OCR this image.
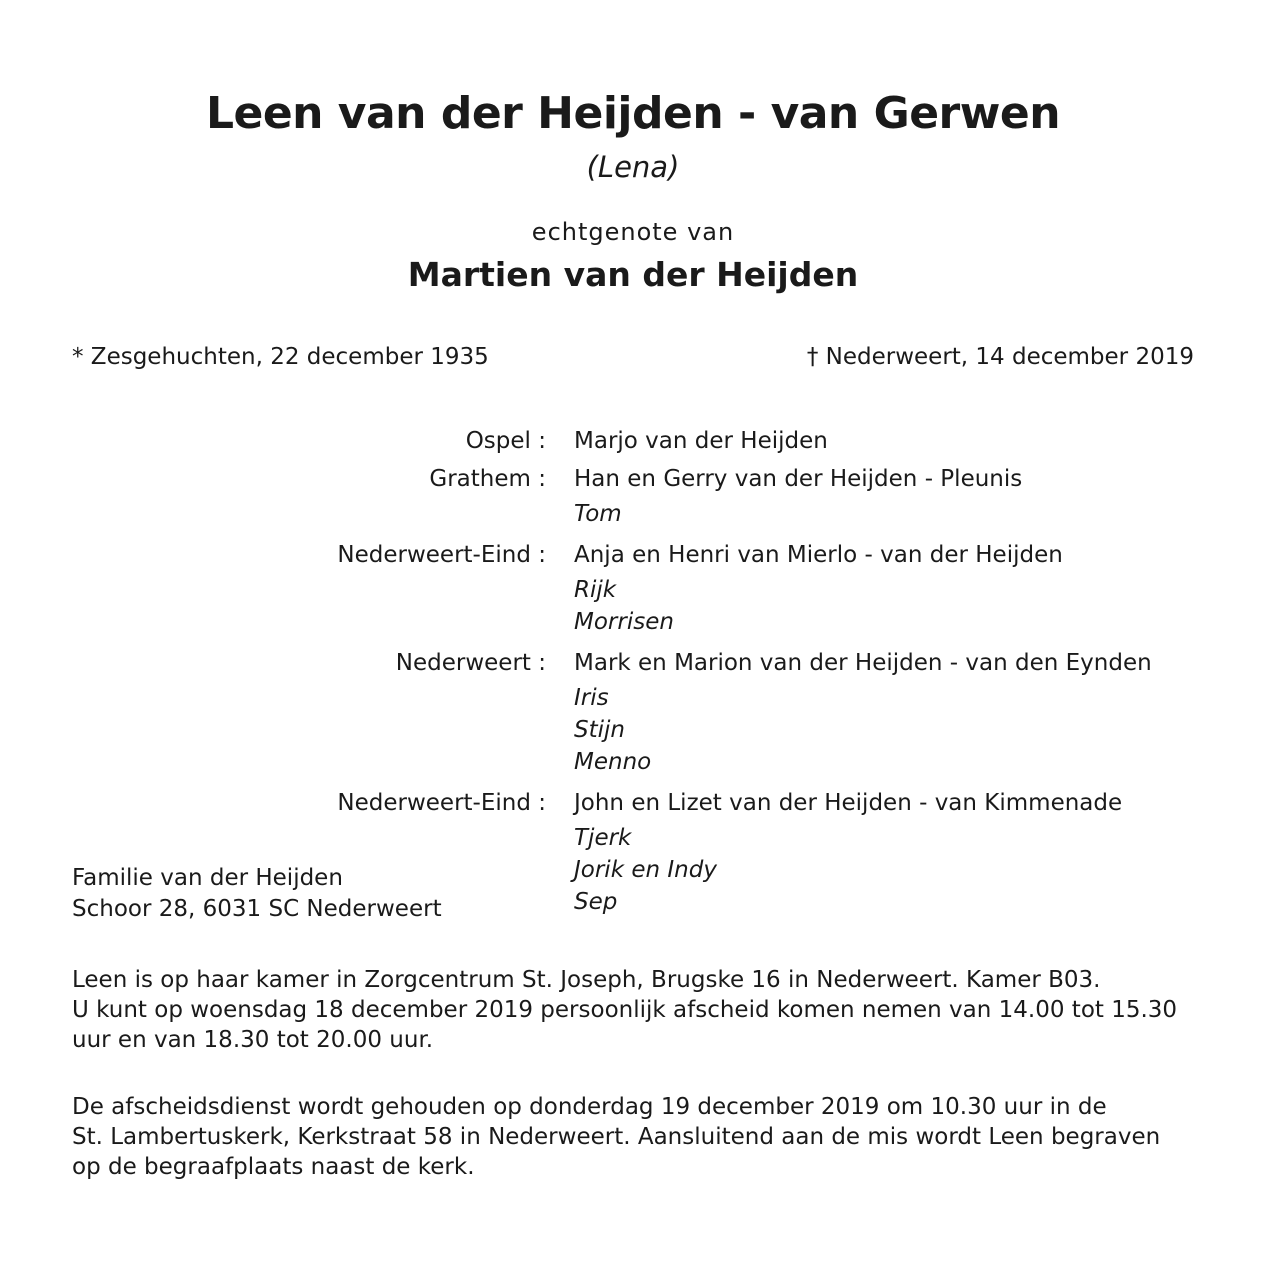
Leen van der Heijden - van Gerwen
(Lena)
echtgenote van
Martien van der Heijden
* Zesgehuchten, 22 december 1935	† Nederweert, 14 december 2019
Ospel :	Marjo van der Heijden
Grathem :	Han en Gerry van der Heijden - Pleunis
Tom
Nederweert-Eind :	Anja en Henri van Mierlo - van der Heijden
Rijk
Morrisen
Nederweert :	Mark en Marion van der Heijden - van den Eynden
Iris
Stijn
Menno
Nederweert-Eind :	John en Lizet van der Heijden - van Kimmenade
Tjerk
Jorik en Indy
Sep
Familie van der Heijden
Schoor 28, 6031 SC Nederweert
Leen is op haar kamer in Zorgcentrum St. Joseph, Brugske 16 in Nederweert. Kamer B03.
U kunt op woensdag 18 december 2019 persoonlijk afscheid komen nemen van 14.00 tot 15.30
uur en van 18.30 tot 20.00 uur.
De afscheidsdienst wordt gehouden op donderdag 19 december 2019 om 10.30 uur in de
St. Lambertuskerk, Kerkstraat 58 in Nederweert. Aansluitend aan de mis wordt Leen begraven
op de begraafplaats naast de kerk.
